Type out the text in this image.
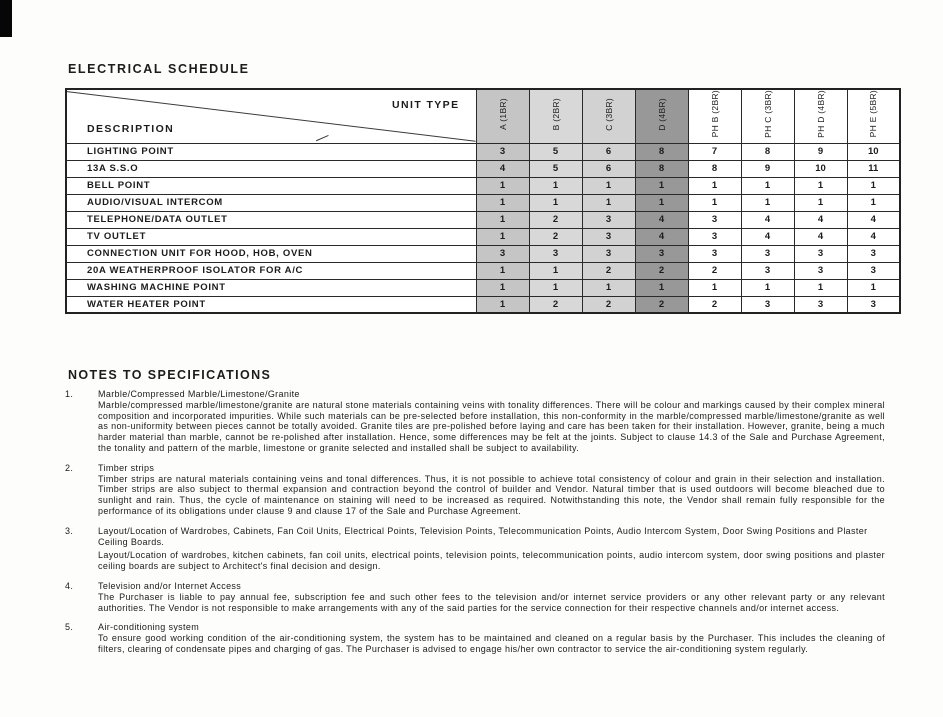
ELECTRICAL SCHEDULE
UNIT TYPE
DESCRIPTION	A (1BR)	B (2BR)	C (3BR)	D (4BR)	PH B (2BR)	PH C (3BR)	PH D (4BR)	PH E (5BR)
LIGHTING POINT	3	5	6	8	7	8	9	10
13A S.S.O	4	5	6	8	8	9	10	11
BELL POINT	1	1	1	1	1	1	1	1
AUDIO/VISUAL INTERCOM	1	1	1	1	1	1	1	1
TELEPHONE/DATA OUTLET	1	2	3	4	3	4	4	4
TV OUTLET	1	2	3	4	3	4	4	4
CONNECTION UNIT FOR HOOD, HOB, OVEN	3	3	3	3	3	3	3	3
20A WEATHERPROOF ISOLATOR FOR A/C	1	1	2	2	2	3	3	3
WASHING MACHINE POINT	1	1	1	1	1	1	1	1
WATER HEATER POINT	1	2	2	2	2	3	3	3
NOTES TO SPECIFICATIONS
1.	Marble/Compressed Marble/Limestone/Granite
Marble/compressed marble/limestone/granite are natural stone materials containing veins with tonality differences. There will be colour and markings caused by their complex mineral composition and incorporated impurities. While such materials can be pre-selected before installation, this non-conformity in the marble/compressed marble/limestone/granite as well as non-uniformity between pieces cannot be totally avoided. Granite tiles are pre-polished before laying and care has been taken for their installation. However, granite, being a much harder material than marble, cannot be re-polished after installation. Hence, some differences may be felt at the joints. Subject to clause 14.3 of the Sale and Purchase Agreement, the tonality and pattern of the marble, limestone or granite selected and installed shall be subject to availability.
2.	Timber strips
Timber strips are natural materials containing veins and tonal differences. Thus, it is not possible to achieve total consistency of colour and grain in their selection and installation. Timber strips are also subject to thermal expansion and contraction beyond the control of builder and Vendor. Natural timber that is used outdoors will become bleached due to sunlight and rain. Thus, the cycle of maintenance on staining will need to be increased as required. Notwithstanding this note, the Vendor shall remain fully responsible for the performance of its obligations under clause 9 and clause 17 of the Sale and Purchase Agreement.
3.	Layout/Location of Wardrobes, Cabinets, Fan Coil Units, Electrical Points, Television Points, Telecommunication Points, Audio Intercom System, Door Swing Positions and Plaster Ceiling Boards.
Layout/Location of wardrobes, kitchen cabinets, fan coil units, electrical points, television points, telecommunication points, audio intercom system, door swing positions and plaster ceiling boards are subject to Architect's final decision and design.
4.	Television and/or Internet Access
The Purchaser is liable to pay annual fee, subscription fee and such other fees to the television and/or internet service providers or any other relevant party or any relevant authorities. The Vendor is not responsible to make arrangements with any of the said parties for the service connection for their respective channels and/or internet access.
5.	Air-conditioning system
To ensure good working condition of the air-conditioning system, the system has to be maintained and cleaned on a regular basis by the Purchaser. This includes the cleaning of filters, clearing of condensate pipes and charging of gas. The Purchaser is advised to engage his/her own contractor to service the air-conditioning system regularly.
